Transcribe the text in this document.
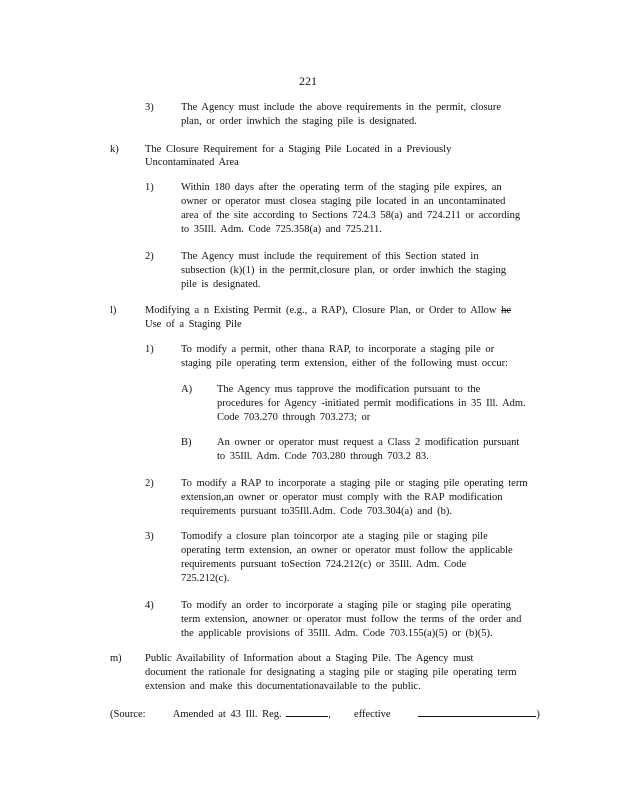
221
3)	The Agency must include the above requirements in the permit, closure
plan, or order inwhich the staging pile is designated.
k)	The Closure Requirement for a Staging Pile Located in a Previously
Uncontaminated Area
1)	Within 180 days after the operating term of the staging pile expires, an
owner or operator must closea staging pile located in an uncontaminated
area of the site according to Sections 724.3 58(a) and 724.211 or according
to 35Ill. Adm. Code 725.358(a) and 725.211.
2)	The Agency must include the requirement of this Section stated in
subsection (k)(1) in the permit,closure plan, or order inwhich the staging
pile is designated.
l)	Modifying a n Existing Permit (e.g., a RAP), Closure Plan, or Order to Allow he
Use of a Staging Pile
1)	To modify a permit, other thana RAP, to incorporate a staging pile or
staging pile operating term extension, either of the following must occur:
A) The Agency mus tapprove the modification pursuant to the
procedures for Agency -initiated permit modifications in 35 Ill. Adm.
Code 703.270 through 703.273; or
B) An owner or operator must request a Class 2 modification pursuant
to 35Ill. Adm. Code 703.280 through 703.2 83.
2)	To modify a RAP to incorporate a staging pile or staging pile operating term
extension,an owner or operator must comply with the RAP modification
requirements pursuant to35Ill.Adm. Code 703.304(a) and (b).
3)	Tomodify a closure plan toincorpor ate a staging pile or staging pile
operating term extension, an owner or operator must follow the applicable
requirements pursuant toSection 724.212(c) or 35Ill. Adm. Code
725.212(c).
4)	To modify an order to incorporate a staging pile or staging pile operating
term extension, anowner or operator must follow the terms of the order and
the applicable provisions of 35Ill. Adm. Code 703.155(a)(5) or (b)(5).
m) Public Availability of Information about a Staging Pile. The Agency must
document the rationale for designating a staging pile or staging pile operating term
extension and make this documentationavailable to the public.
(Source:	Amended at 43 Ill. Reg.	,     effective	)
